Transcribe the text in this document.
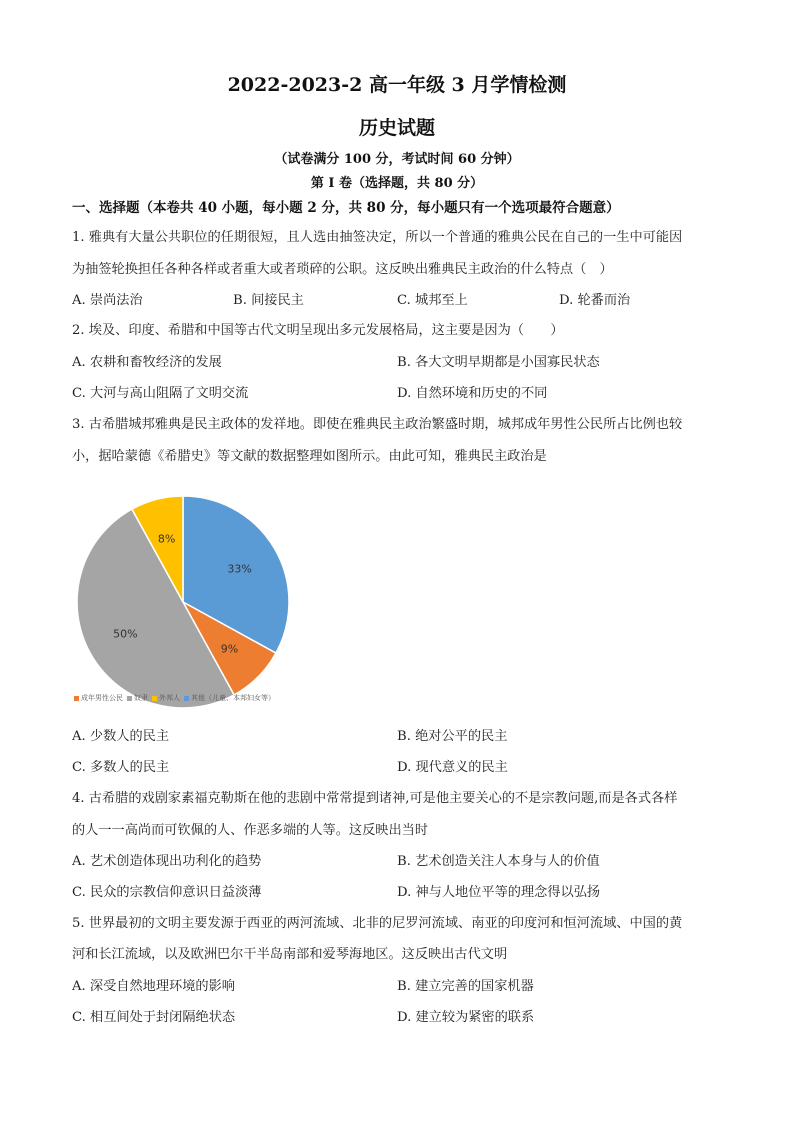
2022-2023-2 高一年级 3 月学情检测
历史试题
（试卷满分 100 分，考试时间 60 分钟）
第 I 卷（选择题，共 80 分）
一、选择题（本卷共 40 小题，每小题 2 分，共 80 分，每小题只有一个选项最符合题意）
1. 雅典有大量公共职位的任期很短，且人选由抽签决定，所以一个普通的雅典公民在自己的一生中可能因
为抽签轮换担任各种各样或者重大或者琐碎的公职。这反映出雅典民主政治的什么特点（　）
A. 崇尚法治	B. 间接民主	C. 城邦至上	D. 轮番而治
2. 埃及、印度、希腊和中国等古代文明呈现出多元发展格局，这主要是因为（　　）
A. 农耕和畜牧经济的发展	B. 各大文明早期都是小国寡民状态
C. 大河与高山阻隔了文明交流	D. 自然环境和历史的不同
3. 古希腊城邦雅典是民主政体的发祥地。即使在雅典民主政治繁盛时期，城邦成年男性公民所占比例也较
小，据哈蒙德《希腊史》等文献的数据整理如图所示。由此可知，雅典民主政治是
33%
9%
50%
8%
成年男性公民 奴隶 外邦人 其他（儿童、本邦妇女等）
A. 少数人的民主	B. 绝对公平的民主
C. 多数人的民主	D. 现代意义的民主
4. 古希腊的戏剧家素福克勒斯在他的悲剧中常常提到诸神,可是他主要关心的不是宗教问题,而是各式各样
的人一一高尚而可钦佩的人、作恶多端的人等。这反映出当时
A. 艺术创造体现出功利化的趋势	B. 艺术创造关注人本身与人的价值
C. 民众的宗教信仰意识日益淡薄	D. 神与人地位平等的理念得以弘扬
5. 世界最初的文明主要发源于西亚的两河流域、北非的尼罗河流域、南亚的印度河和恒河流域、中国的黄
河和长江流域，以及欧洲巴尔干半岛南部和爱琴海地区。这反映出古代文明
A. 深受自然地理环境的影响	B. 建立完善的国家机器
C. 相互间处于封闭隔绝状态	D. 建立较为紧密的联系
